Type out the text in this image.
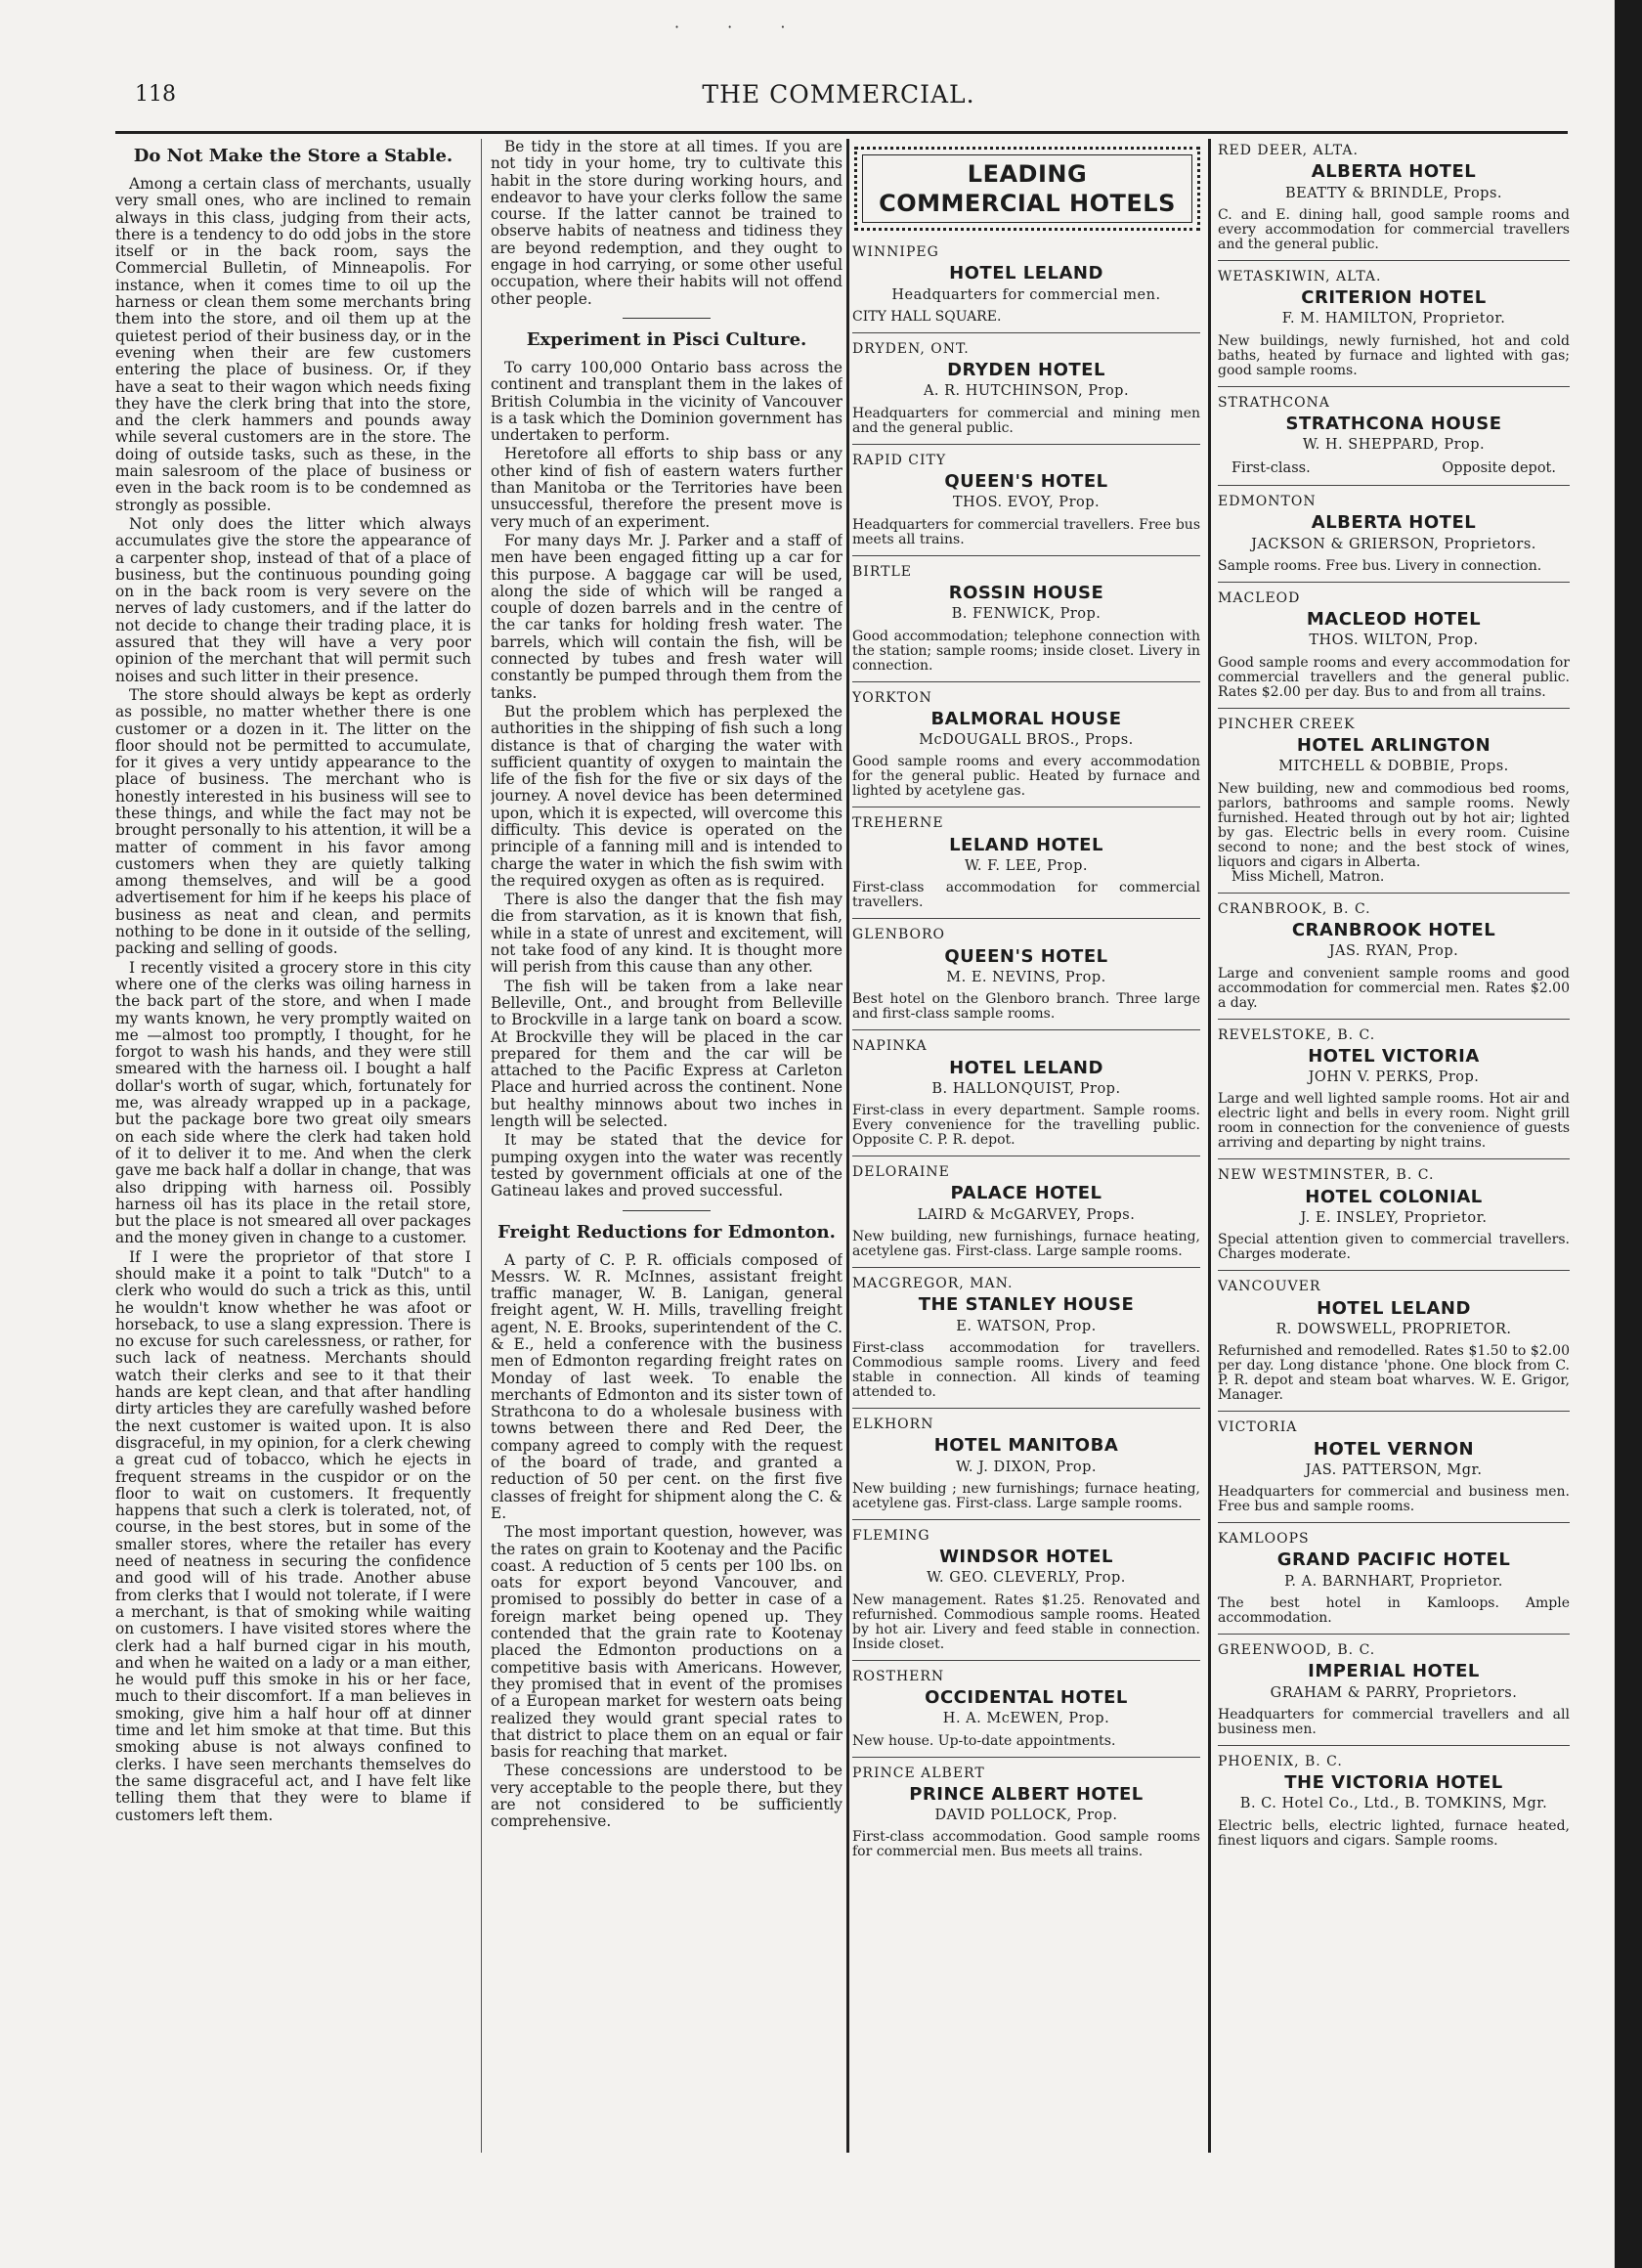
· · ·
118	THE COMMERCIAL.
Do Not Make the Store a Stable.

Among a certain class of merchants, usually very small ones, who are inclined to remain always in this class, judging from their acts, there is a tendency to do odd jobs in the store itself or in the back room, says the Commercial Bulletin, of Minneapolis. For instance, when it comes time to oil up the harness or clean them some merchants bring them into the store, and oil them up at the quietest period of their business day, or in the evening when their are few customers entering the place of business. Or, if they have a seat to their wagon which needs fixing they have the clerk bring that into the store, and the clerk hammers and pounds away while several customers are in the store. The doing of outside tasks, such as these, in the main salesroom of the place of business or even in the back room is to be condemned as strongly as possible.

Not only does the litter which always accumulates give the store the appearance of a carpenter shop, instead of that of a place of business, but the continuous pounding going on in the back room is very severe on the nerves of lady customers, and if the latter do not decide to change their trading place, it is assured that they will have a very poor opinion of the merchant that will permit such noises and such litter in their presence.

The store should always be kept as orderly as possible, no matter whether there is one customer or a dozen in it. The litter on the floor should not be permitted to accumulate, for it gives a very untidy appearance to the place of business. The merchant who is honestly interested in his business will see to these things, and while the fact may not be brought personally to his attention, it will be a matter of comment in his favor among customers when they are quietly talking among themselves, and will be a good advertisement for him if he keeps his place of business as neat and clean, and permits nothing to be done in it outside of the selling, packing and selling of goods.

I recently visited a grocery store in this city where one of the clerks was oiling harness in the back part of the store, and when I made my wants known, he very promptly waited on me —almost too promptly, I thought, for he forgot to wash his hands, and they were still smeared with the harness oil. I bought a half dollar's worth of sugar, which, fortunately for me, was already wrapped up in a package, but the package bore two great oily smears on each side where the clerk had taken hold of it to deliver it to me. And when the clerk gave me back half a dollar in change, that was also dripping with harness oil. Possibly harness oil has its place in the retail store, but the place is not smeared all over packages and the money given in change to a customer.

If I were the proprietor of that store I should make it a point to talk "Dutch" to a clerk who would do such a trick as this, until he wouldn't know whether he was afoot or horseback, to use a slang expression. There is no excuse for such carelessness, or rather, for such lack of neatness. Merchants should watch their clerks and see to it that their hands are kept clean, and that after handling dirty articles they are carefully washed before the next customer is waited upon. It is also disgraceful, in my opinion, for a clerk chewing a great cud of tobacco, which he ejects in frequent streams in the cuspidor or on the floor to wait on customers. It frequently happens that such a clerk is tolerated, not, of course, in the best stores, but in some of the smaller stores, where the retailer has every need of neatness in securing the confidence and good will of his trade. Another abuse from clerks that I would not tolerate, if I were a merchant, is that of smoking while waiting on customers. I have visited stores where the clerk had a half burned cigar in his mouth, and when he waited on a lady or a man either, he would puff this smoke in his or her face, much to their discomfort. If a man believes in smoking, give him a half hour off at dinner time and let him smoke at that time. But this smoking abuse is not always confined to clerks. I have seen merchants themselves do the same disgraceful act, and I have felt like telling them that they were to blame if customers left them.

Be tidy in the store at all times. If you are not tidy in your home, try to cultivate this habit in the store during working hours, and endeavor to have your clerks follow the same course. If the latter cannot be trained to observe habits of neatness and tidiness they are beyond redemption, and they ought to engage in hod carrying, or some other useful occupation, where their habits will not offend other people.

Experiment in Pisci Culture.

To carry 100,000 Ontario bass across the continent and transplant them in the lakes of British Columbia in the vicinity of Vancouver is a task which the Dominion government has undertaken to perform.

Heretofore all efforts to ship bass or any other kind of fish of eastern waters further than Manitoba or the Territories have been unsuccessful, therefore the present move is very much of an experiment.

For many days Mr. J. Parker and a staff of men have been engaged fitting up a car for this purpose. A baggage car will be used, along the side of which will be ranged a couple of dozen barrels and in the centre of the car tanks for holding fresh water. The barrels, which will contain the fish, will be connected by tubes and fresh water will constantly be pumped through them from the tanks.

But the problem which has perplexed the authorities in the shipping of fish such a long distance is that of charging the water with sufficient quantity of oxygen to maintain the life of the fish for the five or six days of the journey. A novel device has been determined upon, which it is expected, will overcome this difficulty. This device is operated on the principle of a fanning mill and is intended to charge the water in which the fish swim with the required oxygen as often as is required.

There is also the danger that the fish may die from starvation, as it is known that fish, while in a state of unrest and excitement, will not take food of any kind. It is thought more will perish from this cause than any other.

The fish will be taken from a lake near Belleville, Ont., and brought from Belleville to Brockville in a large tank on board a scow. At Brockville they will be placed in the car prepared for them and the car will be attached to the Pacific Express at Carleton Place and hurried across the continent. None but healthy minnows about two inches in length will be selected.

It may be stated that the device for pumping oxygen into the water was recently tested by government officials at one of the Gatineau lakes and proved successful.

Freight Reductions for Edmonton.

A party of C. P. R. officials composed of Messrs. W. R. McInnes, assistant freight traffic manager, W. B. Lanigan, general freight agent, W. H. Mills, travelling freight agent, N. E. Brooks, superintendent of the C. & E., held a conference with the business men of Edmonton regarding freight rates on Monday of last week. To enable the merchants of Edmonton and its sister town of Strathcona to do a wholesale business with towns between there and Red Deer, the company agreed to comply with the request of the board of trade, and granted a reduction of 50 per cent. on the first five classes of freight for shipment along the C. & E.

The most important question, however, was the rates on grain to Kootenay and the Pacific coast. A reduction of 5 cents per 100 lbs. on oats for export beyond Vancouver, and promised to possibly do better in case of a foreign market being opened up. They contended that the grain rate to Kootenay placed the Edmonton productions on a competitive basis with Americans. However, they promised that in event of the promises of a European market for western oats being realized they would grant special rates to that district to place them on an equal or fair basis for reaching that market.

These concessions are understood to be very acceptable to the people there, but they are not considered to be sufficiently comprehensive.

LEADING
COMMERCIAL HOTELS
WINNIPEG
HOTEL LELAND
Headquarters for commercial men.
CITY HALL SQUARE.
DRYDEN, ONT.
DRYDEN HOTEL
A. R. HUTCHINSON, Prop.
Headquarters for commercial and mining men and the general public.
RAPID CITY
QUEEN'S HOTEL
THOS. EVOY, Prop.
Headquarters for commercial travellers. Free bus meets all trains.
BIRTLE
ROSSIN HOUSE
B. FENWICK, Prop.
Good accommodation; telephone connection with the station; sample rooms; inside closet. Livery in connection.
YORKTON
BALMORAL HOUSE
McDOUGALL BROS., Props.
Good sample rooms and every accommodation for the general public. Heated by furnace and lighted by acetylene gas.
TREHERNE
LELAND HOTEL
W. F. LEE, Prop.
First-class accommodation for commercial travellers.
GLENBORO
QUEEN'S HOTEL
M. E. NEVINS, Prop.
Best hotel on the Glenboro branch. Three large and first-class sample rooms.
NAPINKA
HOTEL LELAND
B. HALLONQUIST, Prop.
First-class in every department. Sample rooms. Every convenience for the travelling public. Opposite C. P. R. depot.
DELORAINE
PALACE HOTEL
LAIRD & McGARVEY, Props.
New building, new furnishings, furnace heating, acetylene gas. First-class. Large sample rooms.
MACGREGOR, MAN.
THE STANLEY HOUSE
E. WATSON, Prop.
First-class accommodation for travellers. Commodious sample rooms. Livery and feed stable in connection. All kinds of teaming attended to.
ELKHORN
HOTEL MANITOBA
W. J. DIXON, Prop.
New building ; new furnishings; furnace heating, acetylene gas. First-class. Large sample rooms.
FLEMING
WINDSOR HOTEL
W. GEO. CLEVERLY, Prop.
New management. Rates $1.25. Renovated and refurnished. Commodious sample rooms. Heated by hot air. Livery and feed stable in connection. Inside closet.
ROSTHERN
OCCIDENTAL HOTEL
H. A. McEWEN, Prop.
New house. Up-to-date appointments.
PRINCE ALBERT
PRINCE ALBERT HOTEL
DAVID POLLOCK, Prop.
First-class accommodation. Good sample rooms for commercial men. Bus meets all trains.
RED DEER, ALTA.
ALBERTA HOTEL
BEATTY & BRINDLE, Props.
C. and E. dining hall, good sample rooms and every accommodation for commercial travellers and the general public.
WETASKIWIN, ALTA.
CRITERION HOTEL
F. M. HAMILTON, Proprietor.
New buildings, newly furnished, hot and cold baths, heated by furnace and lighted with gas; good sample rooms.
STRATHCONA
STRATHCONA HOUSE
W. H. SHEPPARD, Prop.
First-class.	Opposite depot.
EDMONTON
ALBERTA HOTEL
JACKSON & GRIERSON, Proprietors.
Sample rooms. Free bus. Livery in connection.
MACLEOD
MACLEOD HOTEL
THOS. WILTON, Prop.
Good sample rooms and every accommodation for commercial travellers and the general public. Rates $2.00 per day. Bus to and from all trains.
PINCHER CREEK
HOTEL ARLINGTON
MITCHELL & DOBBIE, Props.
New building, new and commodious bed rooms, parlors, bathrooms and sample rooms. Newly furnished. Heated through out by hot air; lighted by gas. Electric bells in every room. Cuisine second to none; and the best stock of wines, liquors and cigars in Alberta.
Miss Michell, Matron.
CRANBROOK, B. C.
CRANBROOK HOTEL
JAS. RYAN, Prop.
Large and convenient sample rooms and good accommodation for commercial men. Rates $2.00 a day.
REVELSTOKE, B. C.
HOTEL VICTORIA
JOHN V. PERKS, Prop.
Large and well lighted sample rooms. Hot air and electric light and bells in every room. Night grill room in connection for the convenience of guests arriving and departing by night trains.
NEW WESTMINSTER, B. C.
HOTEL COLONIAL
J. E. INSLEY, Proprietor.
Special attention given to commercial travellers. Charges moderate.
VANCOUVER
HOTEL LELAND
R. DOWSWELL, PROPRIETOR.
Refurnished and remodelled. Rates $1.50 to $2.00 per day. Long distance 'phone. One block from C. P. R. depot and steam boat wharves. W. E. Grigor, Manager.
VICTORIA
HOTEL VERNON
JAS. PATTERSON, Mgr.
Headquarters for commercial and business men. Free bus and sample rooms.
KAMLOOPS
GRAND PACIFIC HOTEL
P. A. BARNHART, Proprietor.
The best hotel in Kamloops. Ample accommodation.
GREENWOOD, B. C.
IMPERIAL HOTEL
GRAHAM & PARRY, Proprietors.
Headquarters for commercial travellers and all business men.
PHOENIX, B. C.
THE VICTORIA HOTEL
B. C. Hotel Co., Ltd., B. TOMKINS, Mgr.
Electric bells, electric lighted, furnace heated, finest liquors and cigars. Sample rooms.
